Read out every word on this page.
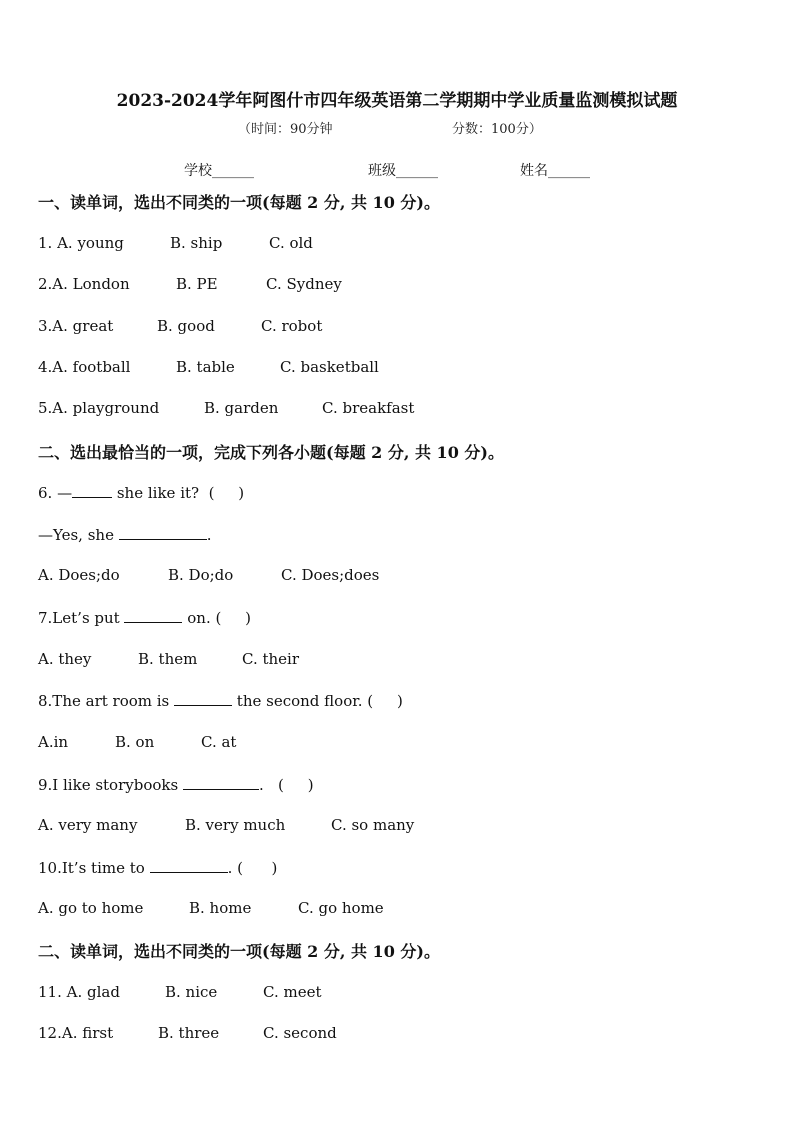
2023-2024学年阿图什市四年级英语第二学期期中学业质量监测模拟试题
（时间：90分钟	分数：100分）
学校______	班级______	姓名______
一、读单词，选出不同类的一项(每题 2 分, 共 10 分)。
1. A. young	B. ship	C. old
2.A. London	B. PE	C. Sydney
3.A. great	B. good	C. robot
4.A. football	B. table	C. basketball
5.A. playground	B. garden	C. breakfast
二、选出最恰当的一项，完成下列各小题(每题 2 分, 共 10 分)。
6. —	she like it?  (     )
—Yes, she	.
A. Does;do	B. Do;do	C. Does;does
7.Let’s put	on. (     )
A. they	B. them	C. their
8.The art room is	the second floor. (     )
A.in	B. on	C. at
9.I like storybooks	.   (     )
A. very many	B. very much	C. so many
10.It’s time to	. (      )
A. go to home	B. home	C. go home
二、读单词，选出不同类的一项(每题 2 分, 共 10 分)。
11. A. glad	B. nice	C. meet
12.A. first	B. three	C. second
